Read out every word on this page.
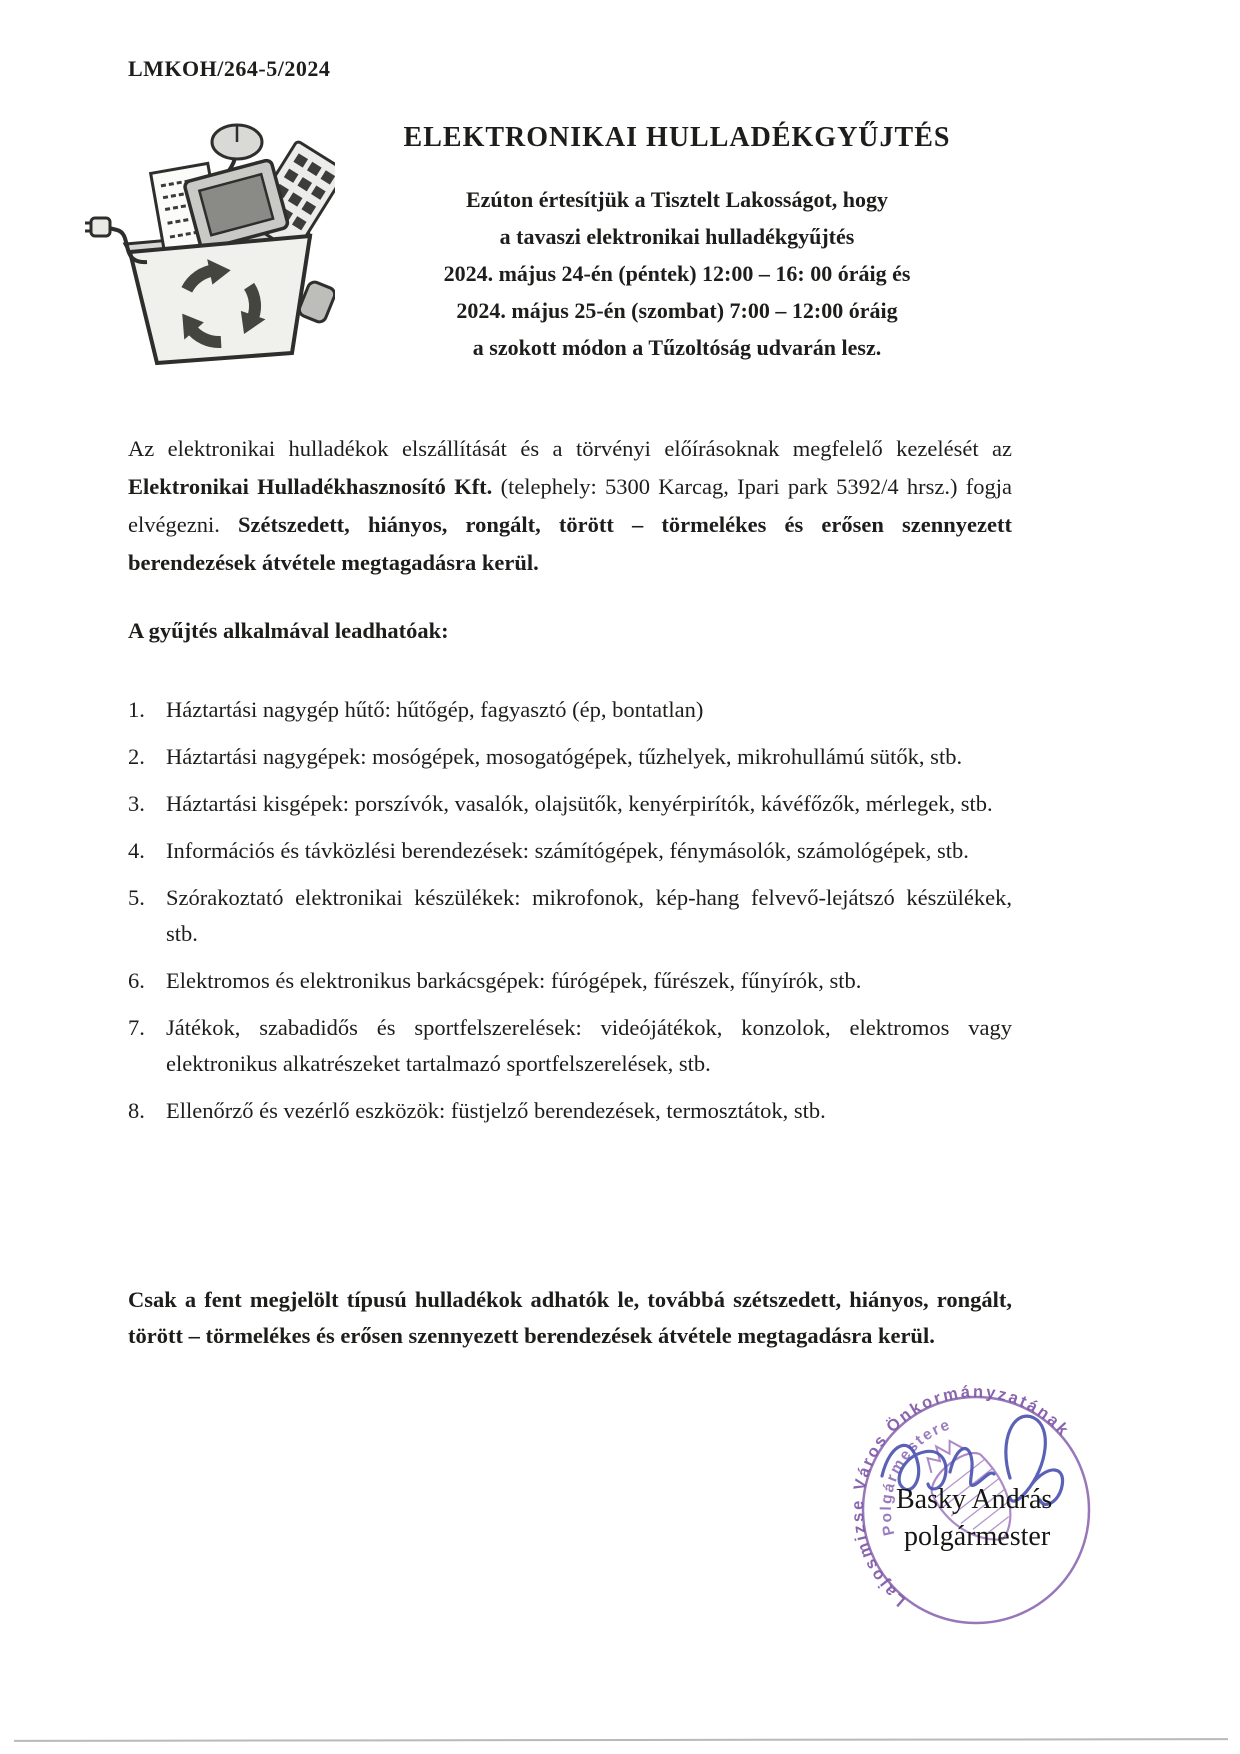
LMKOH/264-5/2024
ELEKTRONIKAI HULLADÉKGYŰJTÉS
Ezúton értesítjük a Tisztelt Lakosságot, hogy
a tavaszi elektronikai hulladékgyűjtés
2024. május 24-én (péntek) 12:00 – 16: 00 óráig és
2024. május 25-én (szombat) 7:00 – 12:00 óráig
a szokott módon a Tűzoltóság udvarán lesz.

Az elektronikai hulladékok elszállítását és a törvényi előírásoknak megfelelő kezelését az Elektronikai Hulladékhasznosító Kft. (telephely: 5300 Karcag, Ipari park 5392/4 hrsz.) fogja elvégezni. Szétszedett, hiányos, rongált, törött – törmelékes és erősen szennyezett berendezések átvétele megtagadásra kerül.

A gyűjtés alkalmával leadhatóak:
1. Háztartási nagygép hűtő: hűtőgép, fagyasztó (ép, bontatlan)
2. Háztartási nagygépek: mosógépek, mosogatógépek, tűzhelyek, mikrohullámú sütők, stb.
3. Háztartási kisgépek: porszívók, vasalók, olajsütők, kenyérpirítók, kávéfőzők, mérlegek, stb.
4. Információs és távközlési berendezések: számítógépek, fénymásolók, számológépek, stb.
5. Szórakoztató elektronikai készülékek: mikrofonok, kép-hang felvevő-lejátszó készülékek, stb.
6. Elektromos és elektronikus barkácsgépek: fúrógépek, fűrészek, fűnyírók, stb.
7. Játékok, szabadidős és sportfelszerelések: videójátékok, konzolok, elektromos vagy elektronikus alkatrészeket tartalmazó sportfelszerelések, stb.
8. Ellenőrző és vezérlő eszközök: füstjelző berendezések, termosztátok, stb.

Csak a fent megjelölt típusú hulladékok adhatók le, továbbá szétszedett, hiányos, rongált, törött – törmelékes és erősen szennyezett berendezések átvétele megtagadásra kerül.

Lajosmizse Város Önkormányzatának
Polgármestere
Basky András
polgármester
